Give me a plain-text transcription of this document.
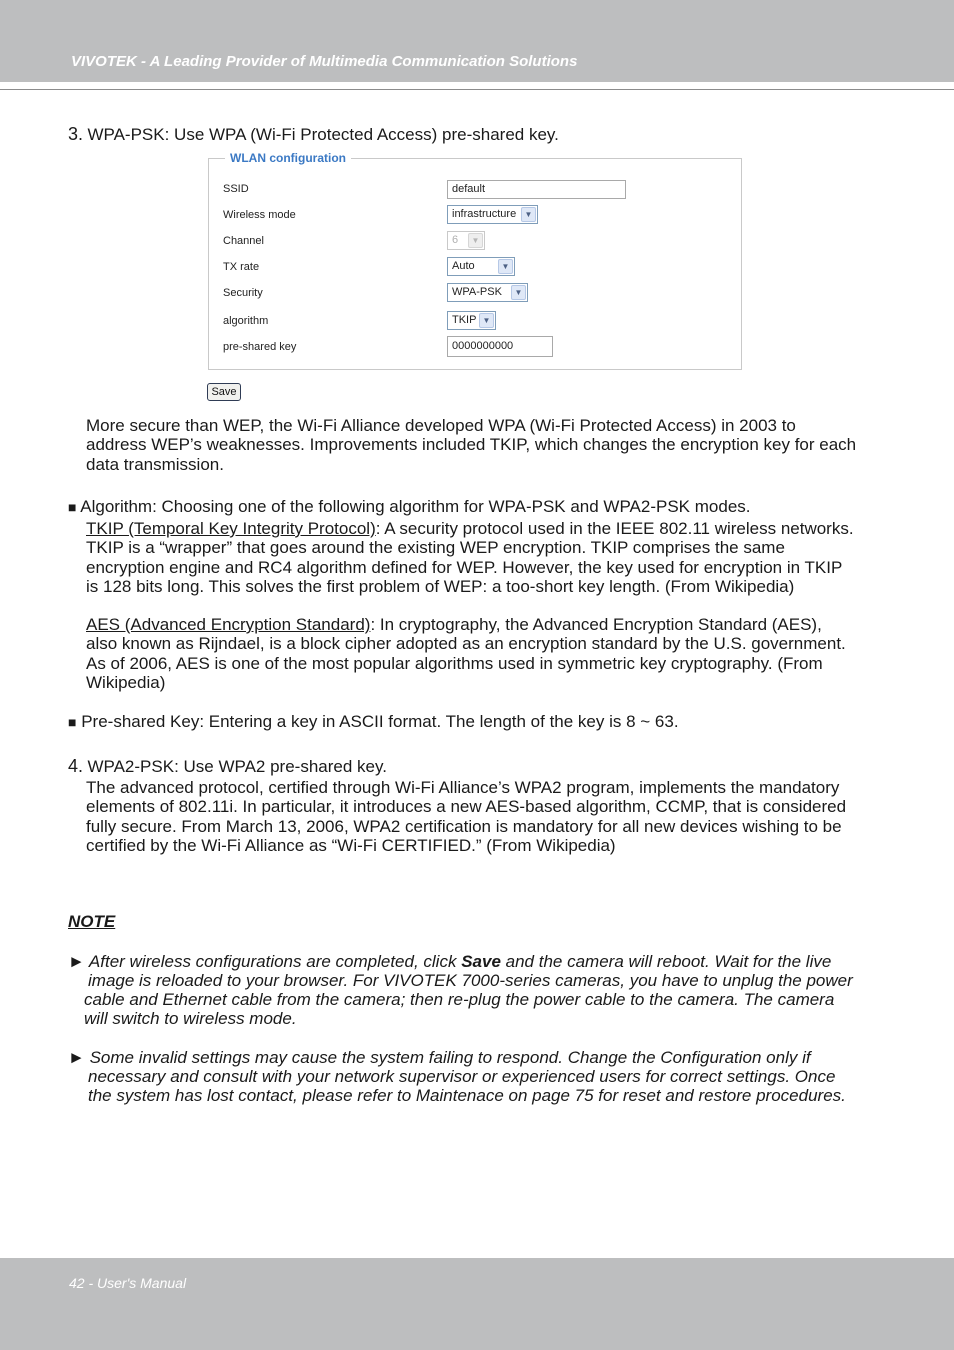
VIVOTEK - A Leading Provider of Multimedia Communication Solutions
3. WPA-PSK: Use WPA (Wi-Fi Protected Access) pre-shared key.
WLAN configuration
SSID	default
Wireless mode	infrastructure	▼
Channel	6	▼
TX rate	Auto	▼
Security	WPA-PSK	▼
algorithm	TKIP ▼
pre-shared key	0000000000
Save
More secure than WEP, the Wi-Fi Alliance developed WPA (Wi-Fi Protected Access) in 2003 to
address WEP’s weaknesses. Improvements included TKIP, which changes the encryption key for each
data transmission.
■ Algorithm: Choosing one of the following algorithm for WPA-PSK and WPA2-PSK modes.
TKIP (Temporal Key Integrity Protocol): A security protocol used in the IEEE 802.11 wireless networks.
TKIP is a “wrapper” that goes around the existing WEP encryption. TKIP comprises the same
encryption engine and RC4 algorithm defined for WEP. However, the key used for encryption in TKIP
is 128 bits long. This solves the first problem of WEP: a too-short key length. (From Wikipedia)
AES (Advanced Encryption Standard): In cryptography, the Advanced Encryption Standard (AES),
also known as Rijndael, is a block cipher adopted as an encryption standard by the U.S. government.
As of 2006, AES is one of the most popular algorithms used in symmetric key cryptography. (From
Wikipedia)
■ Pre-shared Key: Entering a key in ASCII format. The length of the key is 8 ~ 63.
4. WPA2-PSK: Use WPA2 pre-shared key.
The advanced protocol, certified through Wi-Fi Alliance’s WPA2 program, implements the mandatory
elements of 802.11i. In particular, it introduces a new AES-based algorithm, CCMP, that is considered
fully secure. From March 13, 2006, WPA2 certification is mandatory for all new devices wishing to be
certified by the Wi-Fi Alliance as “Wi-Fi CERTIFIED.” (From Wikipedia)
NOTE
► After wireless configurations are completed, click Save and the camera will reboot. Wait for the live
image is reloaded to your browser. For VIVOTEK 7000-series cameras, you have to unplug the power
cable and Ethernet cable from the camera; then re-plug the power cable to the camera. The camera
will switch to wireless mode.
► Some invalid settings may cause the system failing to respond. Change the Configuration only if
necessary and consult with your network supervisor or experienced users for correct settings. Once
the system has lost contact, please refer to Maintenace on page 75 for reset and restore procedures.
42 - User's Manual
